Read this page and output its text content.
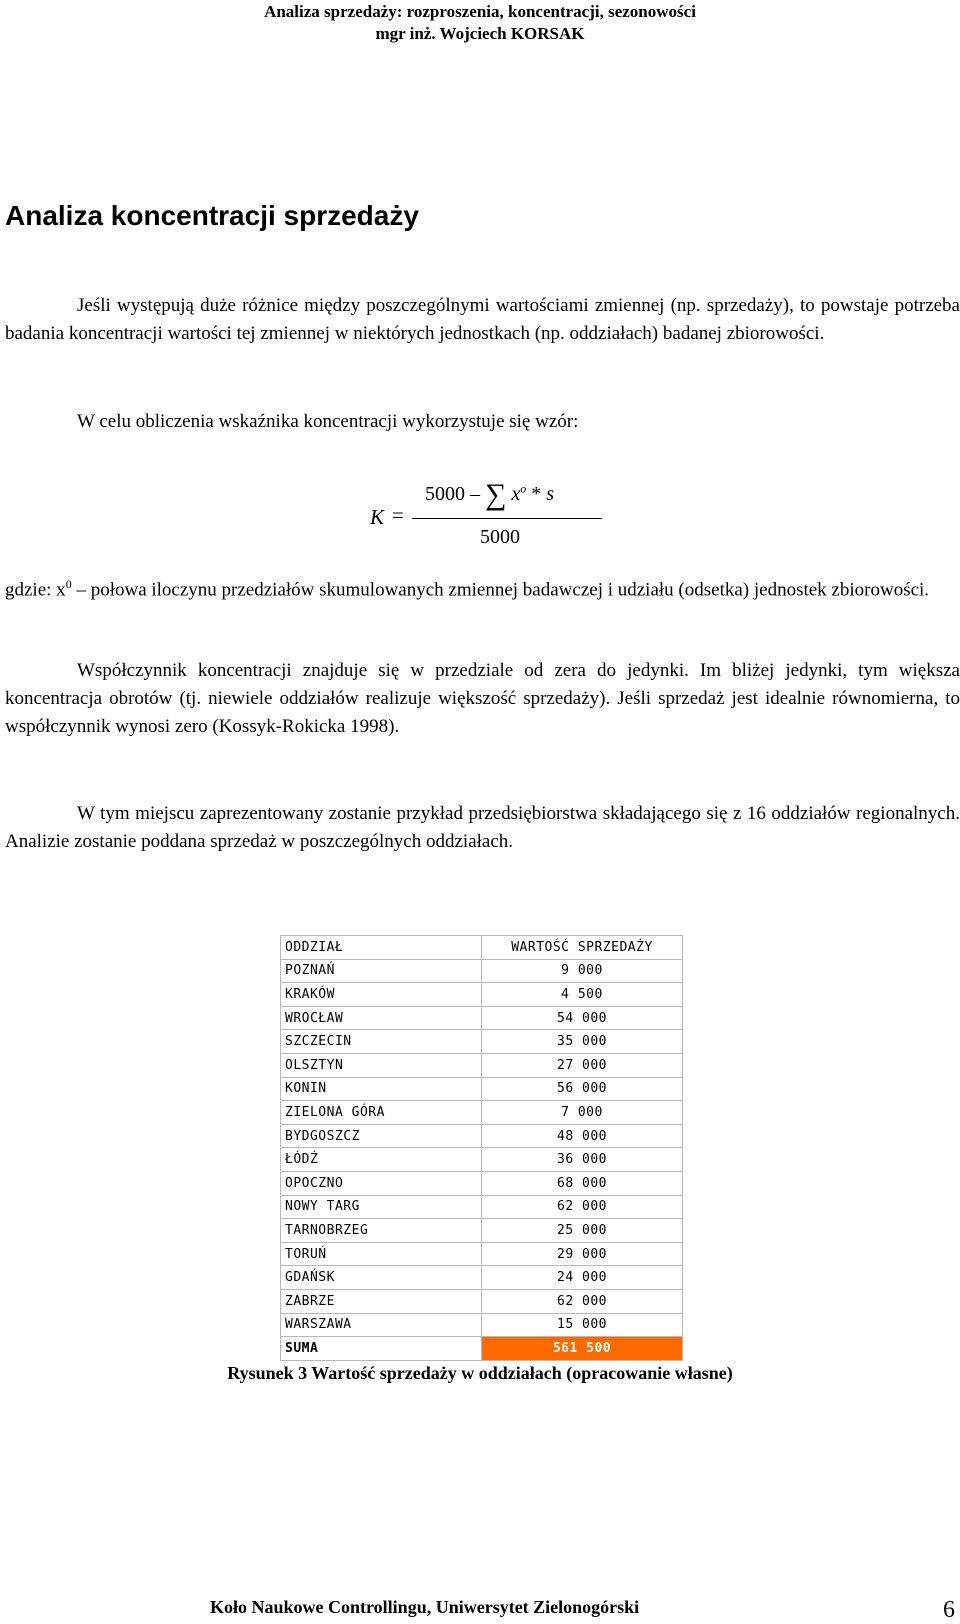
Analiza sprzedaży: rozproszenia, koncentracji, sezonowości
mgr inż. Wojciech KORSAK
Analiza koncentracji sprzedaży

Jeśli występują duże różnice między poszczególnymi wartościami zmiennej (np. sprzedaży), to powstaje potrzeba badania koncentracji wartości tej zmiennej w niektórych jednostkach (np. oddziałach) badanej zbiorowości.

W celu obliczenia wskaźnika koncentracji wykorzystuje się wzór:

K =
5000 – ∑ $x^o$ * s
5000

gdzie: $x^0$ – połowa iloczynu przedziałów skumulowanych zmiennej badawczej i udziału (odsetka) jednostek zbiorowości.

Współczynnik koncentracji znajduje się w przedziale od zera do jedynki. Im bliżej jedynki, tym większa koncentracja obrotów (tj. niewiele oddziałów realizuje większość sprzedaży). Jeśli sprzedaż jest idealnie równomierna, to współczynnik wynosi zero (Kossyk-Rokicka 1998).

W tym miejscu zaprezentowany zostanie przykład przedsiębiorstwa składającego się z 16 oddziałów regionalnych. Analizie zostanie poddana sprzedaż w poszczególnych oddziałach.

ODDZIAŁ	WARTOŚĆ SPRZEDAŻY
POZNAŃ	9 000
KRAKÓW	4 500
WROCŁAW	54 000
SZCZECIN	35 000
OLSZTYN	27 000
KONIN	56 000
ZIELONA GÓRA	7 000
BYDGOSZCZ	48 000
ŁÓDŹ	36 000
OPOCZNO	68 000
NOWY TARG	62 000
TARNOBRZEG	25 000
TORUŃ	29 000
GDAŃSK	24 000
ZABRZE	62 000
WARSZAWA	15 000
SUMA	561 500
Rysunek 3 Wartość sprzedaży w oddziałach (opracowanie własne)
Koło Naukowe Controllingu, Uniwersytet Zielonogórski	6
